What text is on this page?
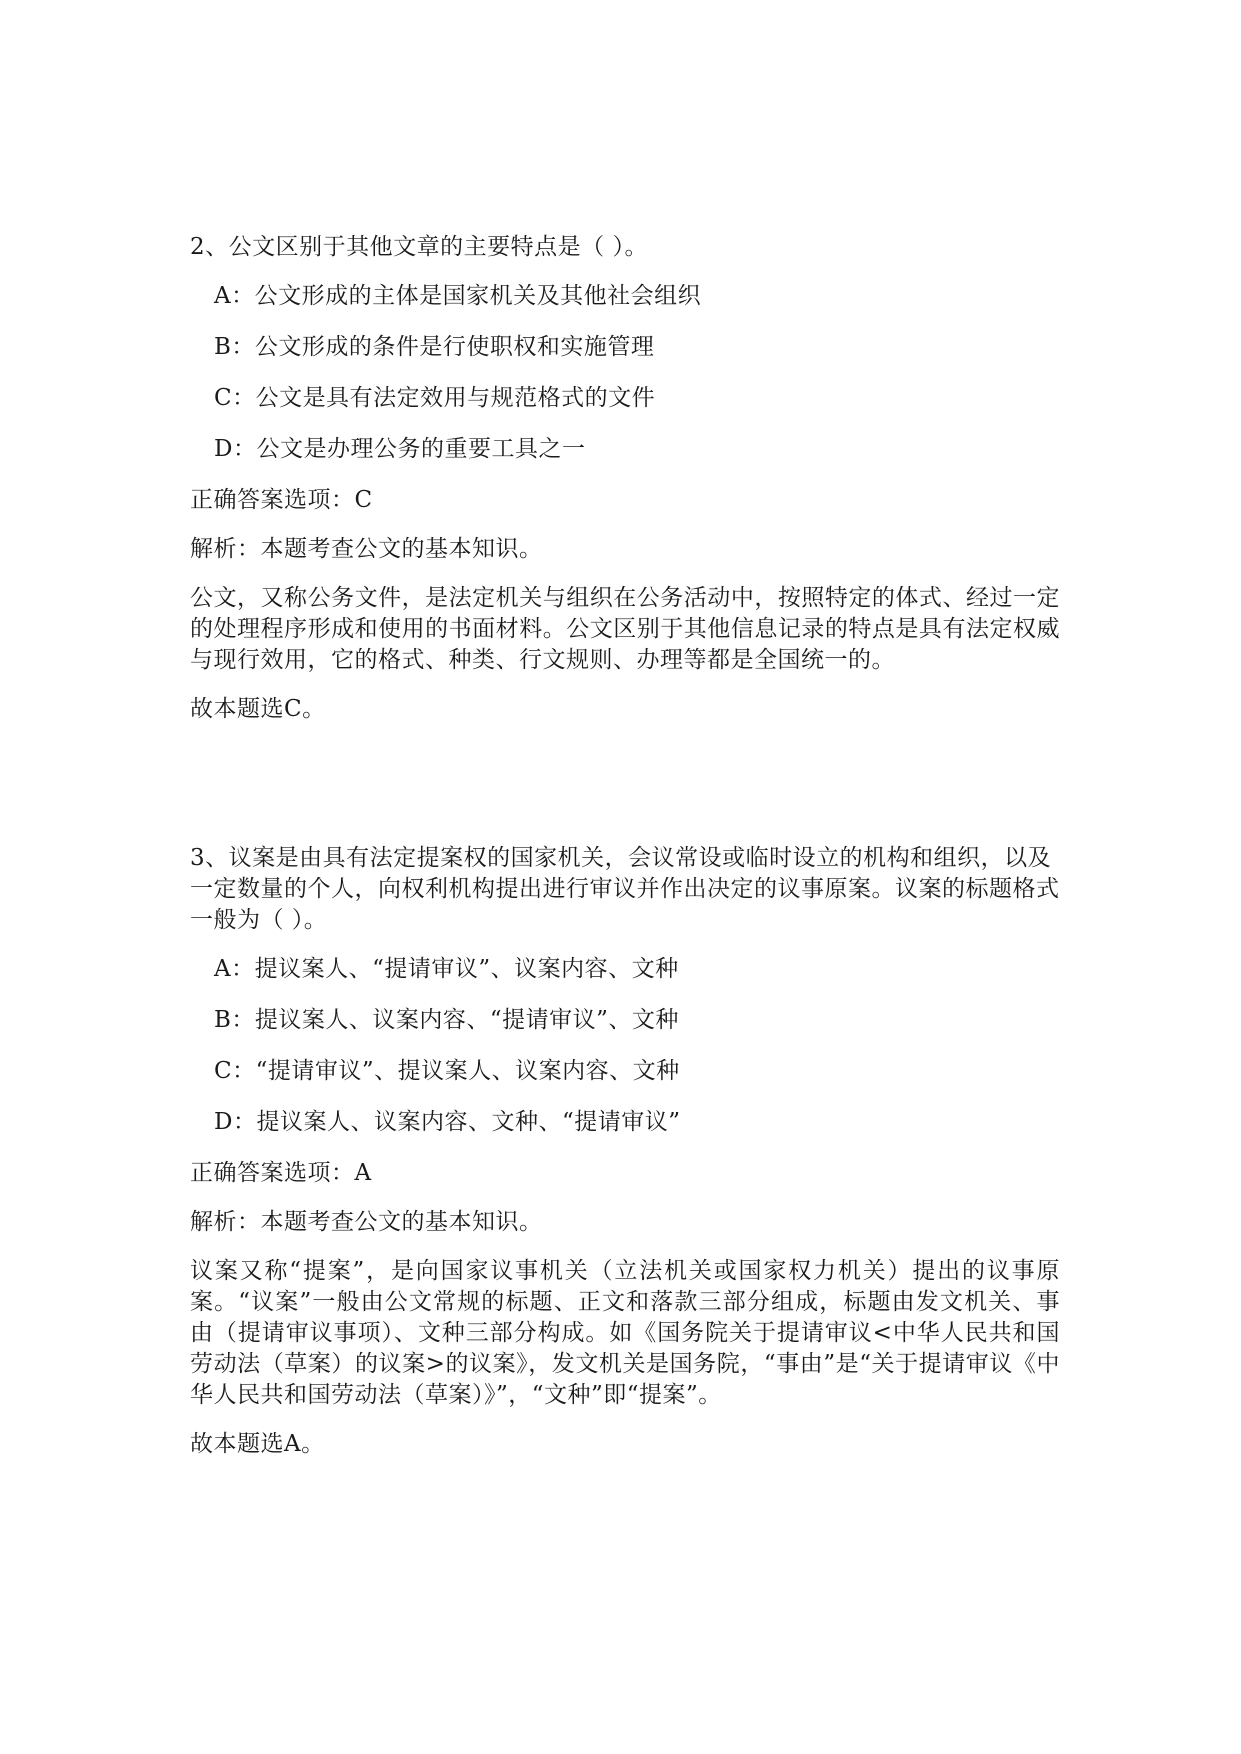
2、公文区别于其他文章的主要特点是（ ）。

A：公文形成的主体是国家机关及其他社会组织

B：公文形成的条件是行使职权和实施管理

C：公文是具有法定效用与规范格式的文件

D：公文是办理公务的重要工具之一

正确答案选项：C

解析：本题考查公文的基本知识。

公文，又称公务文件，是法定机关与组织在公务活动中，按照特定的体式、经过一定的处理程序形成和使用的书面材料。公文区别于其他信息记录的特点是具有法定权威与现行效用，它的格式、种类、行文规则、办理等都是全国统一的。

故本题选C。

3、议案是由具有法定提案权的国家机关，会议常设或临时设立的机构和组织，以及一定数量的个人，向权利机构提出进行审议并作出决定的议事原案。议案的标题格式一般为（ ）。

A：提议案人、“提请审议”、议案内容、文种

B：提议案人、议案内容、“提请审议”、文种

C：“提请审议”、提议案人、议案内容、文种

D：提议案人、议案内容、文种、“提请审议”

正确答案选项：A

解析：本题考查公文的基本知识。

议案又称“提案”，是向国家议事机关（立法机关或国家权力机关）提出的议事原案。“议案”一般由公文常规的标题、正文和落款三部分组成，标题由发文机关、事由（提请审议事项）、文种三部分构成。如《国务院关于提请审议<中华人民共和国劳动法（草案）的议案>的议案》，发文机关是国务院，“事由”是“关于提请审议《中华人民共和国劳动法（草案）》”，“文种”即“提案”。

故本题选A。
